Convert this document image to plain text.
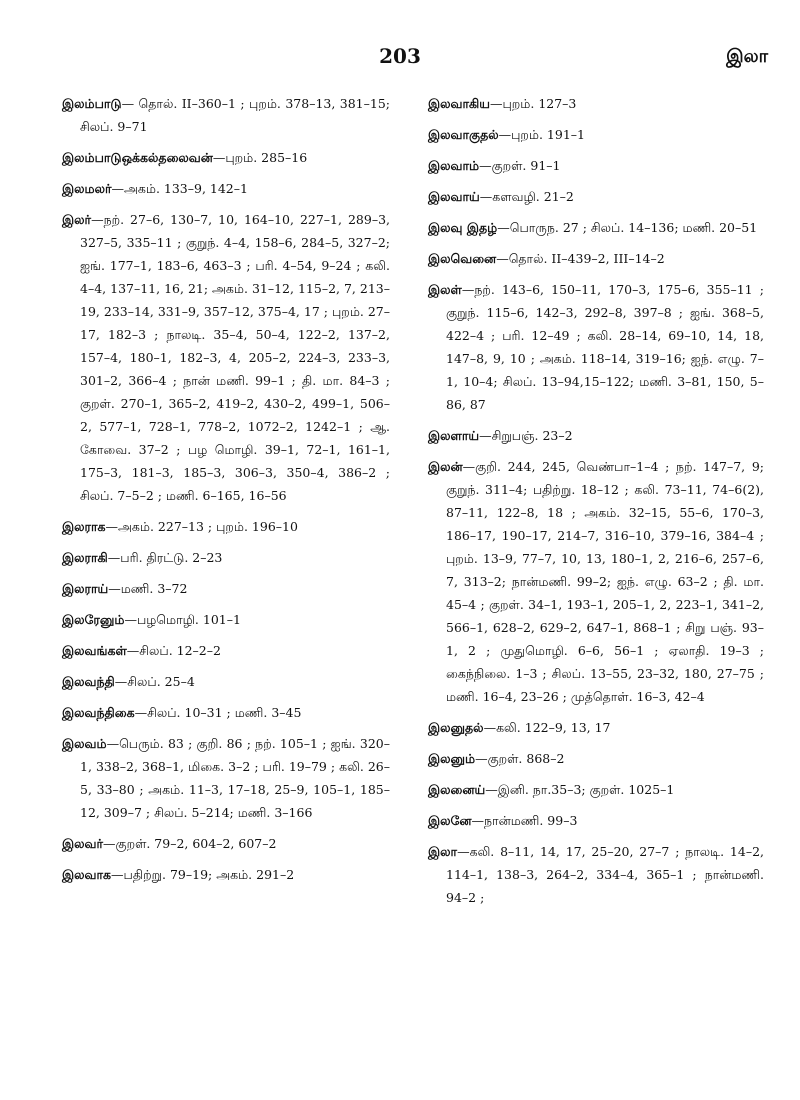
203	இலா
இலம்பாடு— தொல். II–360–1 ; புறம். 378–13, 381–15; சிலப். 9–71
இலம்பாடுஒக்கல்தலைவன்—புறம். 285–16
இலமலர்—அகம். 133–9, 142–1
இலர்—நற். 27–6, 130–7, 10, 164–10, 227–1, 289–3, 327–5, 335–11 ; குறுந். 4–4, 158–6, 284–5, 327–2; ஐங். 177–1, 183–6, 463–3 ; பரி. 4–54, 9–24 ; கலி. 4–4, 137–11, 16, 21; அகம். 31–12, 115–2, 7, 213–19, 233–14, 331–9, 357–12, 375–4, 17 ; புறம். 27–17, 182–3 ; நாலடி. 35–4, 50–4, 122–2, 137–2, 157–4, 180–1, 182–3, 4, 205–2, 224–3, 233–3, 301–2, 366–4 ; நான் மணி. 99–1 ; தி. மா. 84–3 ; குறள். 270–1, 365–2, 419–2, 430–2, 499–1, 506–2, 577–1, 728–1, 778–2, 1072–2, 1242–1 ; ஆ. கோவை. 37–2 ; பழ மொழி. 39–1, 72–1, 161–1, 175–3, 181–3, 185–3, 306–3, 350–4, 386–2 ; சிலப். 7–5–2 ; மணி. 6–165, 16–56
இலராக—அகம். 227–13 ; புறம். 196–10
இலராகி—பரி. திரட்டு. 2–23
இலராய்—மணி. 3–72
இலரேனும்—பழமொழி. 101–1
இலவங்கள்—சிலப். 12–2–2
இலவந்தி—சிலப். 25–4
இலவந்திகை—சிலப். 10–31 ; மணி. 3–45
இலவம்—பெரும். 83 ; குறி. 86 ; நற். 105–1 ; ஐங். 320–1, 338–2, 368–1, மிகை. 3–2 ; பரி. 19–79 ; கலி. 26–5, 33–80 ; அகம். 11–3, 17–18, 25–9, 105–1, 185–12, 309–7 ; சிலப். 5–214; மணி. 3–166
இலவர்—குறள். 79–2, 604–2, 607–2
இலவாக—பதிற்று. 79–19; அகம். 291–2
இலவாகிய—புறம். 127–3
இலவாகுதல்—புறம். 191–1
இலவாம்—குறள். 91–1
இலவாய்—களவழி. 21–2
இலவு இதழ்—பொருந. 27 ; சிலப். 14–136; மணி. 20–51
இலவெனை—தொல். II–439–2, III–14–2
இலள்—நற். 143–6, 150–11, 170–3, 175–6, 355–11 ; குறுந். 115–6, 142–3, 292–8, 397–8 ; ஐங். 368–5, 422–4 ; பரி. 12–49 ; கலி. 28–14, 69–10, 14, 18, 147–8, 9, 10 ; அகம். 118–14, 319–16; ஐந். எழு. 7–1, 10–4; சிலப். 13–94,15–122; மணி. 3–81, 150, 5–86, 87
இலளாய்—சிறுபஞ். 23–2
இலன்—குறி. 244, 245, வெண்பா–1–4 ; நற். 147–7, 9; குறுந். 311–4; பதிற்று. 18–12 ; கலி. 73–11, 74–6(2), 87–11, 122–8, 18 ; அகம். 32–15, 55–6, 170–3, 186–17, 190–17, 214–7, 316–10, 379–16, 384–4 ; புறம். 13–9, 77–7, 10, 13, 180–1, 2, 216–6, 257–6, 7, 313–2; நான்மணி. 99–2; ஐந். எழு. 63–2 ; தி. மா. 45–4 ; குறள். 34–1, 193–1, 205–1, 2, 223–1, 341–2, 566–1, 628–2, 629–2, 647–1, 868–1 ; சிறு பஞ். 93–1, 2 ; முதுமொழி. 6–6, 56–1 ; ஏலாதி. 19–3 ; கைந்நிலை. 1–3 ; சிலப். 13–55, 23–32, 180, 27–75 ; மணி. 16–4, 23–26 ; முத்தொள். 16–3, 42–4
இலனுதல்—கலி. 122–9, 13, 17
இலனும்—குறள். 868–2
இலனைய்—இனி. நா.35–3; குறள். 1025–1
இலனே—நான்மணி. 99–3
இலா—கலி. 8–11, 14, 17, 25–20, 27–7 ; நாலடி. 14–2, 114–1, 138–3, 264–2, 334–4, 365–1 ; நான்மணி. 94–2 ;
